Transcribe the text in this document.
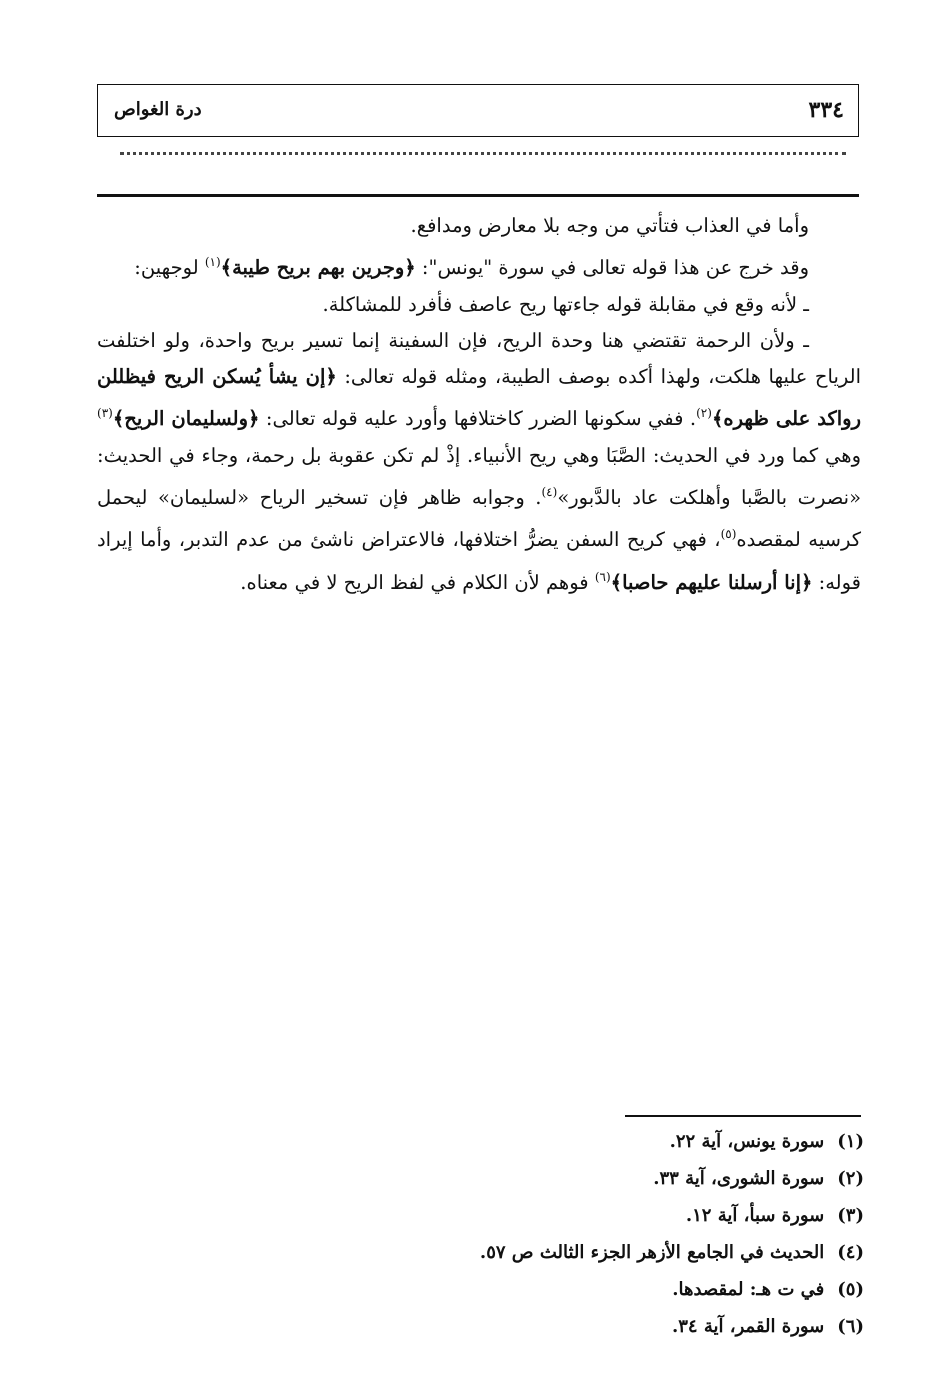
٣٣٤
درة الغواص

وأما في العذاب فتأتي من وجه بلا معارض ومدافع.

وقد خرج عن هذا قوله تعالى في سورة "يونس": ﴿وجرين بهم بريح طيبة﴾$^{(١)}$ لوجهين:

ـ لأنه وقع في مقابلة قوله جاءتها ريح عاصف فأفرد للمشاكلة.

ـ ولأن الرحمة تقتضي هنا وحدة الريح، فإن السفينة إنما تسير بريح واحدة، ولو اختلفت الرياح عليها هلكت، ولهذا أكده بوصف الطيبة، ومثله قوله تعالى: ﴿إن يشأ يُسكن الريح فيظللن رواكد على ظهره﴾$^{(٢)}$. ففي سكونها الضرر كاختلافها وأورد عليه قوله تعالى: ﴿ولسليمان الريح﴾$^{(٣)}$ وهي كما ورد في الحديث: الصَّبَا وهي ريح الأنبياء. إذْ لم تكن عقوبة بل رحمة، وجاء في الحديث: «نصرت بالصَّبا وأهلكت عاد بالدَّبور»$^{(٤)}$. وجوابه ظاهر فإن تسخير الرياح «لسليمان» ليحمل كرسيه لمقصده$^{(٥)}$، فهي كريح السفن يضرُّ اختلافها، فالاعتراض ناشئ من عدم التدبر، وأما إيراد قوله: ﴿إنا أرسلنا عليهم حاصبا﴾$^{(٦)}$ فوهم لأن الكلام في لفظ الريح لا في معناه.

(١) سورة يونس، آية ٢٢.
(٢) سورة الشورى، آية ٣٣.
(٣) سورة سبأ، آية ١٢.
(٤) الحديث في الجامع الأزهر الجزء الثالث ص ٥٧.
(٥) في ت هـ: لمقصدها.
(٦) سورة القمر، آية ٣٤.
